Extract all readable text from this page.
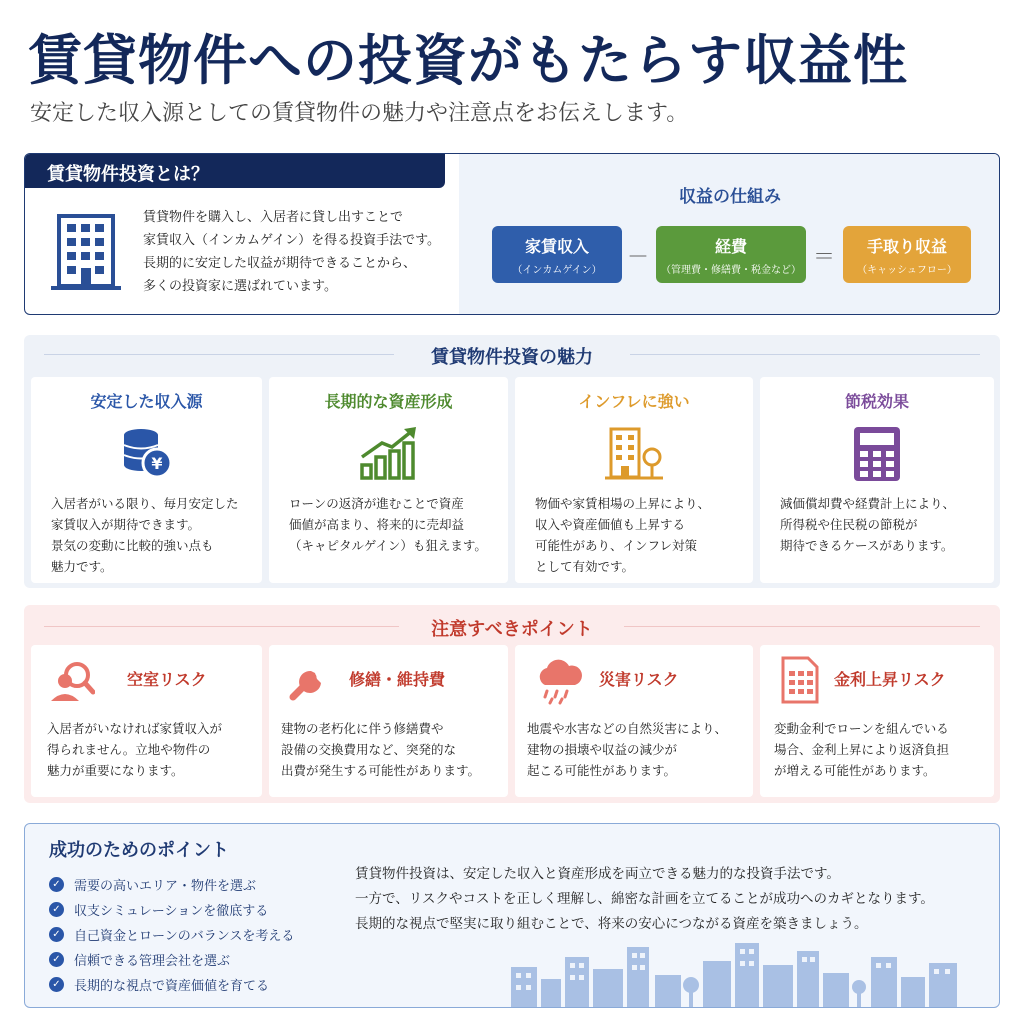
賃貸物件への投資がもたらす収益性
安定した収入源としての賃貸物件の魅力や注意点をお伝えします。
賃貸物件投資とは？
賃貸物件を購入し、入居者に貸し出すことで
家賃収入（インカムゲイン）を得る投資手法です。
長期的に安定した収益が期待できることから、
多くの投資家に選ばれています。
収益の仕組み
家賃収入
（インカムゲイン）
－	経費
（管理費・修繕費・税金など）
＝	手取り収益
（キャッシュフロー）
賃貸物件投資の魅力
安定した収入源
¥
入居者がいる限り、毎月安定した
家賃収入が期待できます。
景気の変動に比較的強い点も
魅力です。
長期的な資産形成
ローンの返済が進むことで資産
価値が高まり、将来的に売却益
（キャピタルゲイン）も狙えます。
インフレに強い
物価や家賃相場の上昇により、
収入や資産価値も上昇する
可能性があり、インフレ対策
として有効です。
節税効果
減価償却費や経費計上により、
所得税や住民税の節税が
期待できるケースがあります。
注意すべきポイント
空室リスク
入居者がいなければ家賃収入が
得られません。立地や物件の
魅力が重要になります。
修繕・維持費
建物の老朽化に伴う修繕費や
設備の交換費用など、突発的な
出費が発生する可能性があります。
災害リスク
地震や水害などの自然災害により、
建物の損壊や収益の減少が
起こる可能性があります。
金利上昇リスク
変動金利でローンを組んでいる
場合、金利上昇により返済負担
が増える可能性があります。
成功のためのポイント
✓ 需要の高いエリア・物件を選ぶ
✓ 収支シミュレーションを徹底する
✓ 自己資金とローンのバランスを考える
✓ 信頼できる管理会社を選ぶ
✓ 長期的な視点で資産価値を育てる
賃貸物件投資は、安定した収入と資産形成を両立できる魅力的な投資手法です。
一方で、リスクやコストを正しく理解し、綿密な計画を立てることが成功へのカギとなります。
長期的な視点で堅実に取り組むことで、将来の安心につながる資産を築きましょう。
